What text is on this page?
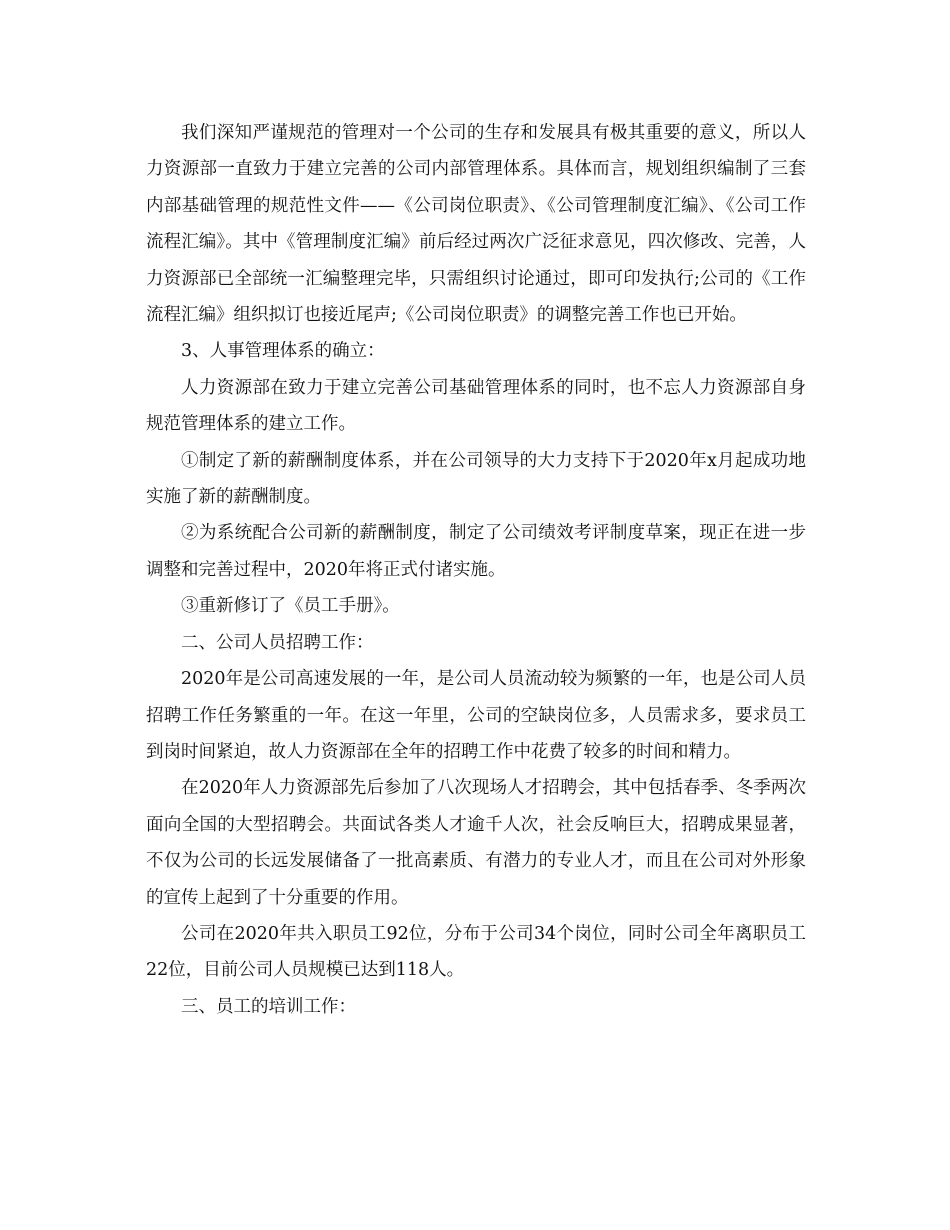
我们深知严谨规范的管理对一个公司的生存和发展具有极其重要的意义，所以人力资源部一直致力于建立完善的公司内部管理体系。具体而言，规划组织编制了三套内部基础管理的规范性文件——《公司岗位职责》、《公司管理制度汇编》、《公司工作流程汇编》。其中《管理制度汇编》前后经过两次广泛征求意见，四次修改、完善，人力资源部已全部统一汇编整理完毕，只需组织讨论通过，即可印发执行;公司的《工作流程汇编》组织拟订也接近尾声;《公司岗位职责》的调整完善工作也已开始。

3、人事管理体系的确立：

人力资源部在致力于建立完善公司基础管理体系的同时，也不忘人力资源部自身规范管理体系的建立工作。

①制定了新的薪酬制度体系，并在公司领导的大力支持下于2020年x月起成功地实施了新的薪酬制度。

②为系统配合公司新的薪酬制度，制定了公司绩效考评制度草案，现正在进一步调整和完善过程中，2020年将正式付诸实施。

③重新修订了《员工手册》。

二、公司人员招聘工作：

2020年是公司高速发展的一年，是公司人员流动较为频繁的一年，也是公司人员招聘工作任务繁重的一年。在这一年里，公司的空缺岗位多，人员需求多，要求员工到岗时间紧迫，故人力资源部在全年的招聘工作中花费了较多的时间和精力。

在2020年人力资源部先后参加了八次现场人才招聘会，其中包括春季、冬季两次面向全国的大型招聘会。共面试各类人才逾千人次，社会反响巨大，招聘成果显著，不仅为公司的长远发展储备了一批高素质、有潜力的专业人才，而且在公司对外形象的宣传上起到了十分重要的作用。

公司在2020年共入职员工92位，分布于公司34个岗位，同时公司全年离职员工22位，目前公司人员规模已达到118人。

三、员工的培训工作：
